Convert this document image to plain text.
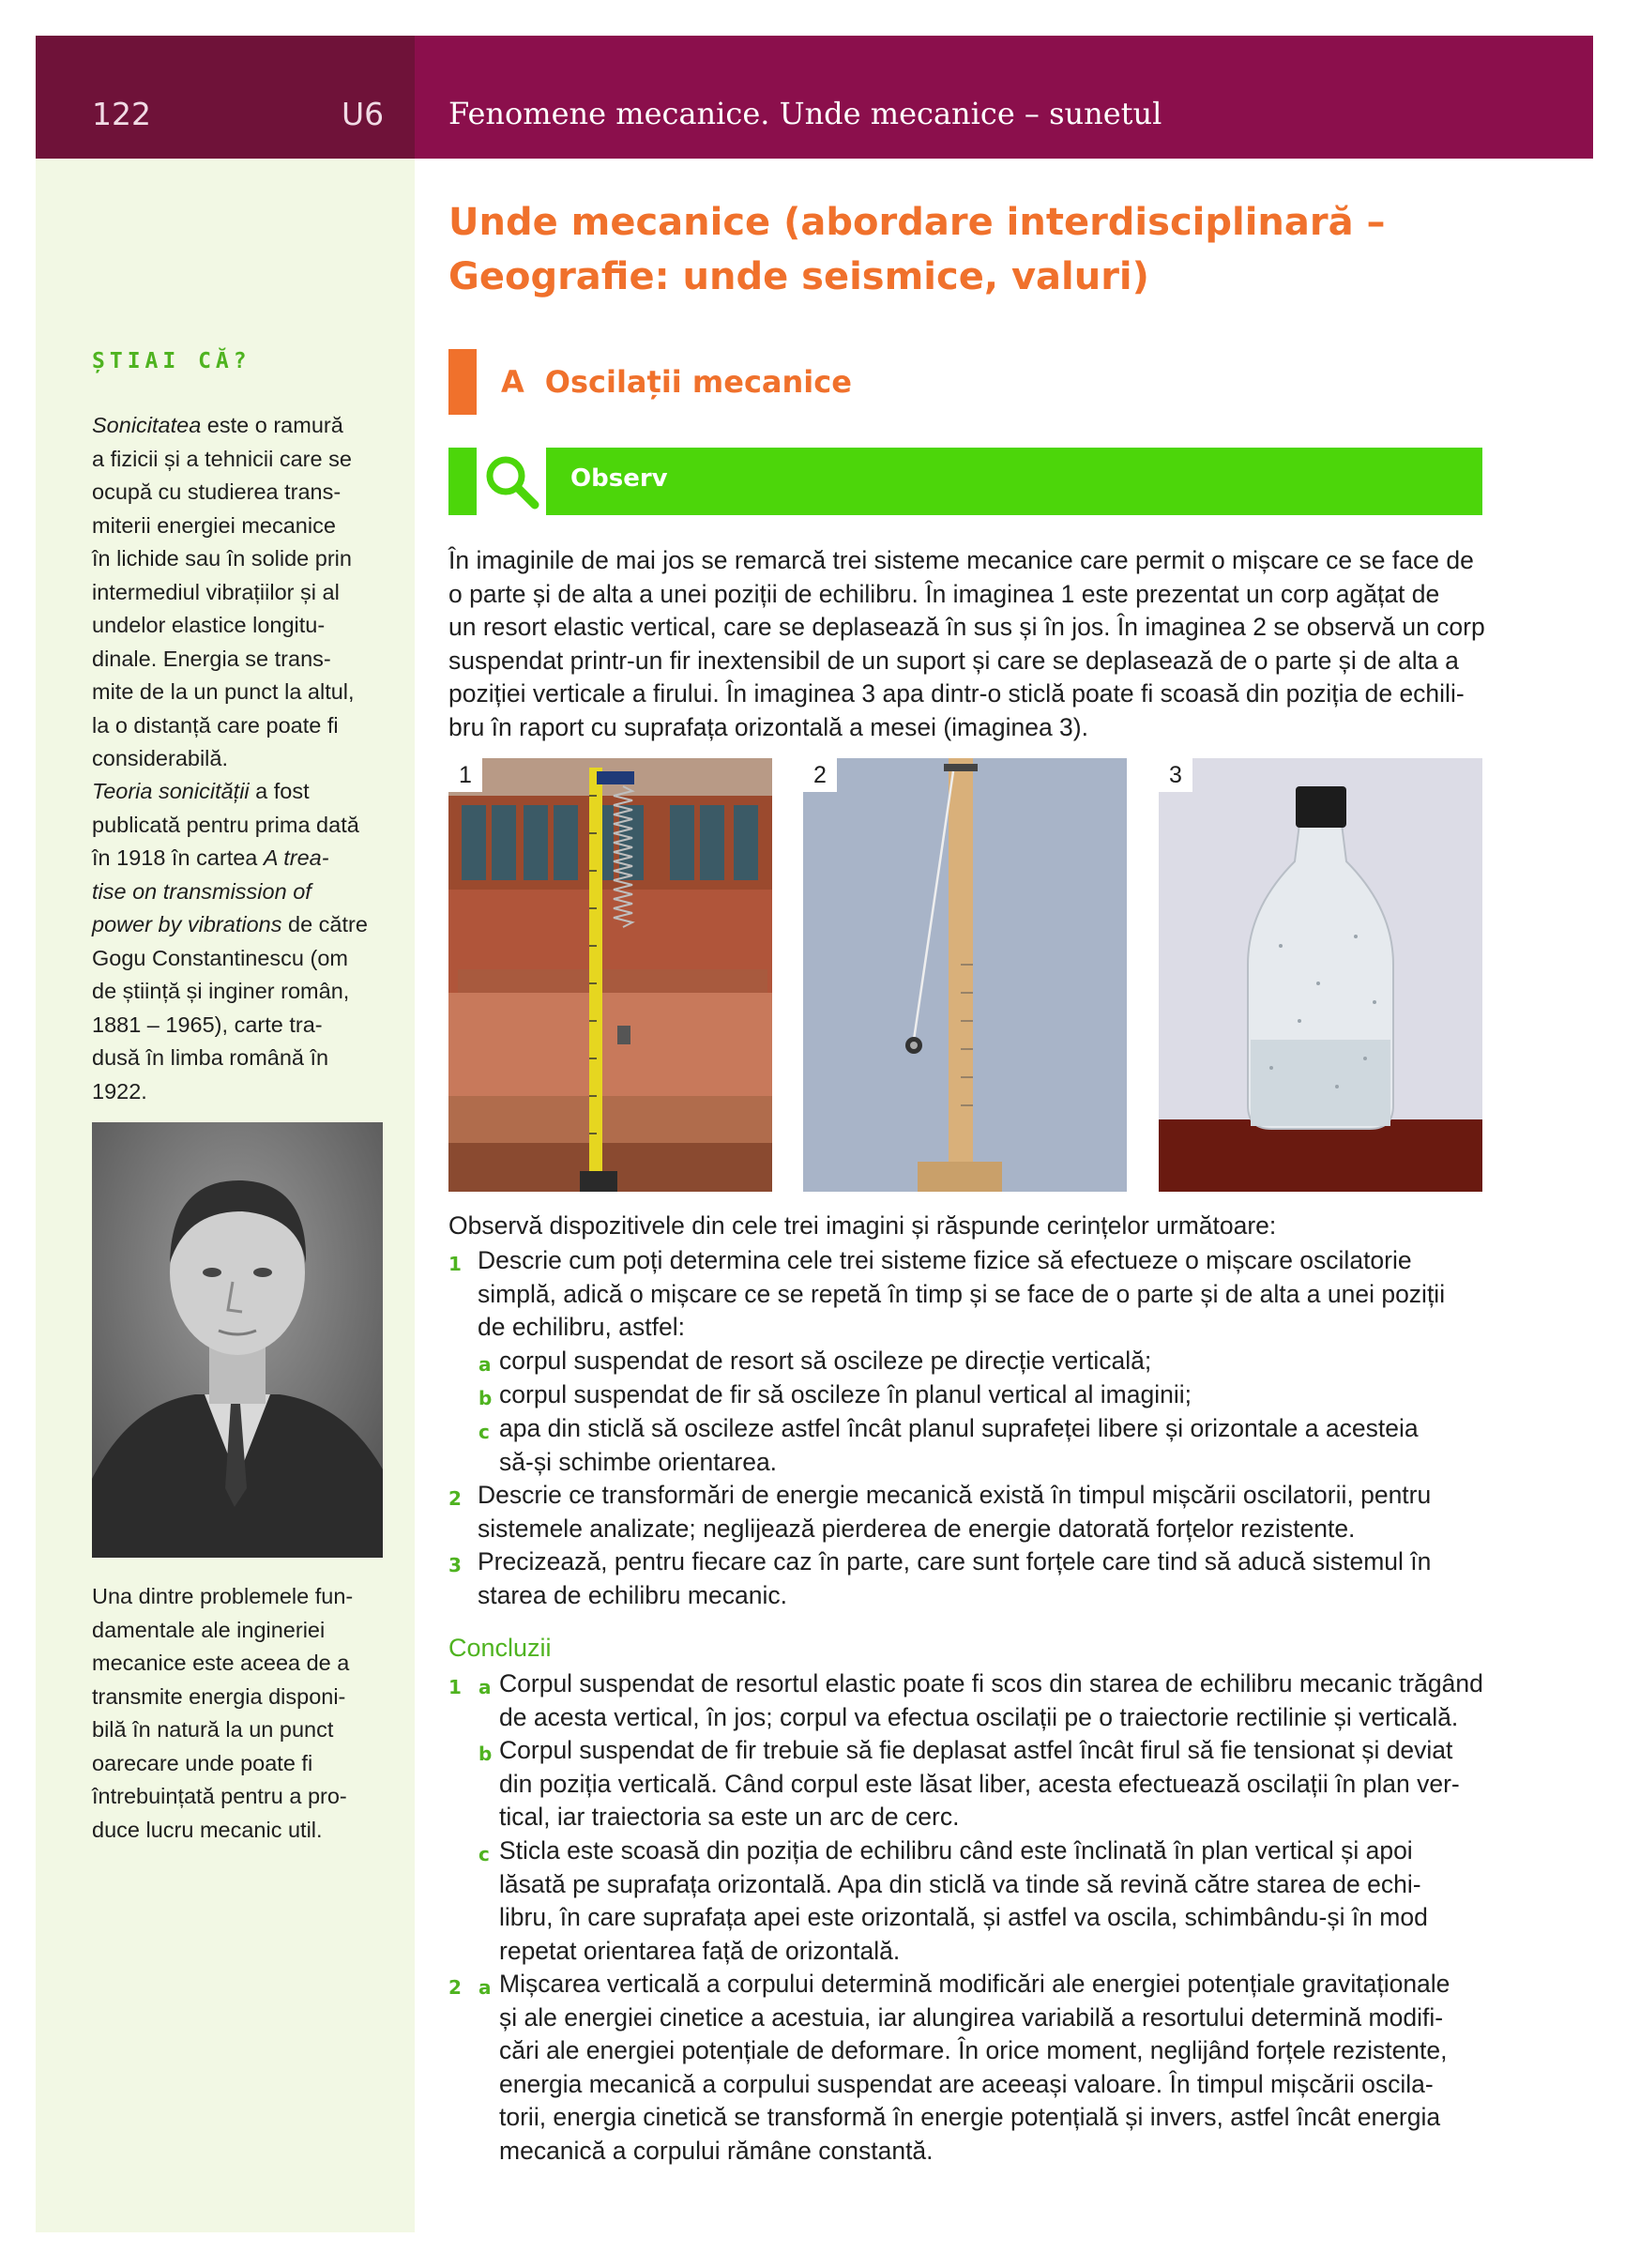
122	U6 Fenomene mecanice. Unde mecanice – sunetul
ȘTIAI CĂ?
Sonicitatea este o ramură
a fizicii și a tehnicii care se
ocupă cu studierea trans-
miterii energiei mecanice
în lichide sau în solide prin
intermediul vibrațiilor și al
undelor elastice longitu-
dinale. Energia se trans-
mite de la un punct la altul,
la o distanță care poate fi
considerabilă.
Teoria sonicității a fost
publicată pentru prima dată
în 1918 în cartea A trea-
tise on transmission of
power by vibrations de către
Gogu Constantinescu (om
de știință și inginer român,
1881 – 1965), carte tra-
dusă în limba română în
1922.
Una dintre problemele fun-
damentale ale ingineriei
mecanice este aceea de a
transmite energia disponi-
bilă în natură la un punct
oarecare unde poate fi
întrebuințată pentru a pro-
duce lucru mecanic util.
Unde mecanice (abordare interdisciplinară –
Geografie: unde seismice, valuri)
A Oscilații mecanice
Observ
În imaginile de mai jos se remarcă trei sisteme mecanice care permit o mișcare ce se face de
o parte și de alta a unei poziții de echilibru. În imaginea 1 este prezentat un corp agățat de
un resort elastic vertical, care se deplasează în sus și în jos. În imaginea 2 se observă un corp
suspendat printr-un fir inextensibil de un suport și care se deplasează de o parte și de alta a
poziției verticale a firului. În imaginea 3 apa dintr-o sticlă poate fi scoasă din poziția de echili-
bru în raport cu suprafața orizontală a mesei (imaginea 3).
1	2	3
Observă dispozitivele din cele trei imagini și răspunde cerințelor următoare:
1 Descrie cum poți determina cele trei sisteme fizice să efectueze o mișcare oscilatorie
simplă, adică o mișcare ce se repetă în timp și se face de o parte și de alta a unei poziții
de echilibru, astfel:
a corpul suspendat de resort să oscileze pe direcție verticală;
b corpul suspendat de fir să oscileze în planul vertical al imaginii;
c apa din sticlă să oscileze astfel încât planul suprafeței libere și orizontale a acesteia
să-și schimbe orientarea.
2 Descrie ce transformări de energie mecanică există în timpul mișcării oscilatorii, pentru
sistemele analizate; neglijează pierderea de energie datorată forțelor rezistente.
3 Precizează, pentru fiecare caz în parte, care sunt forțele care tind să aducă sistemul în
starea de echilibru mecanic.
Concluzii
1 a Corpul suspendat de resortul elastic poate fi scos din starea de echilibru mecanic trăgând
de acesta vertical, în jos; corpul va efectua oscilații pe o traiectorie rectilinie și verticală.
b Corpul suspendat de fir trebuie să fie deplasat astfel încât firul să fie tensionat și deviat
din poziția verticală. Când corpul este lăsat liber, acesta efectuează oscilații în plan ver-
tical, iar traiectoria sa este un arc de cerc.
c Sticla este scoasă din poziția de echilibru când este înclinată în plan vertical și apoi
lăsată pe suprafața orizontală. Apa din sticlă va tinde să revină către starea de echi-
libru, în care suprafața apei este orizontală, și astfel va oscila, schimbându-și în mod
repetat orientarea față de orizontală.
2 a Mișcarea verticală a corpului determină modificări ale energiei potențiale gravitaționale
și ale energiei cinetice a acestuia, iar alungirea variabilă a resortului determină modifi-
cări ale energiei potențiale de deformare. În orice moment, neglijând forțele rezistente,
energia mecanică a corpului suspendat are aceeași valoare. În timpul mișcării oscila-
torii, energia cinetică se transformă în energie potențială și invers, astfel încât energia
mecanică a corpului rămâne constantă.
